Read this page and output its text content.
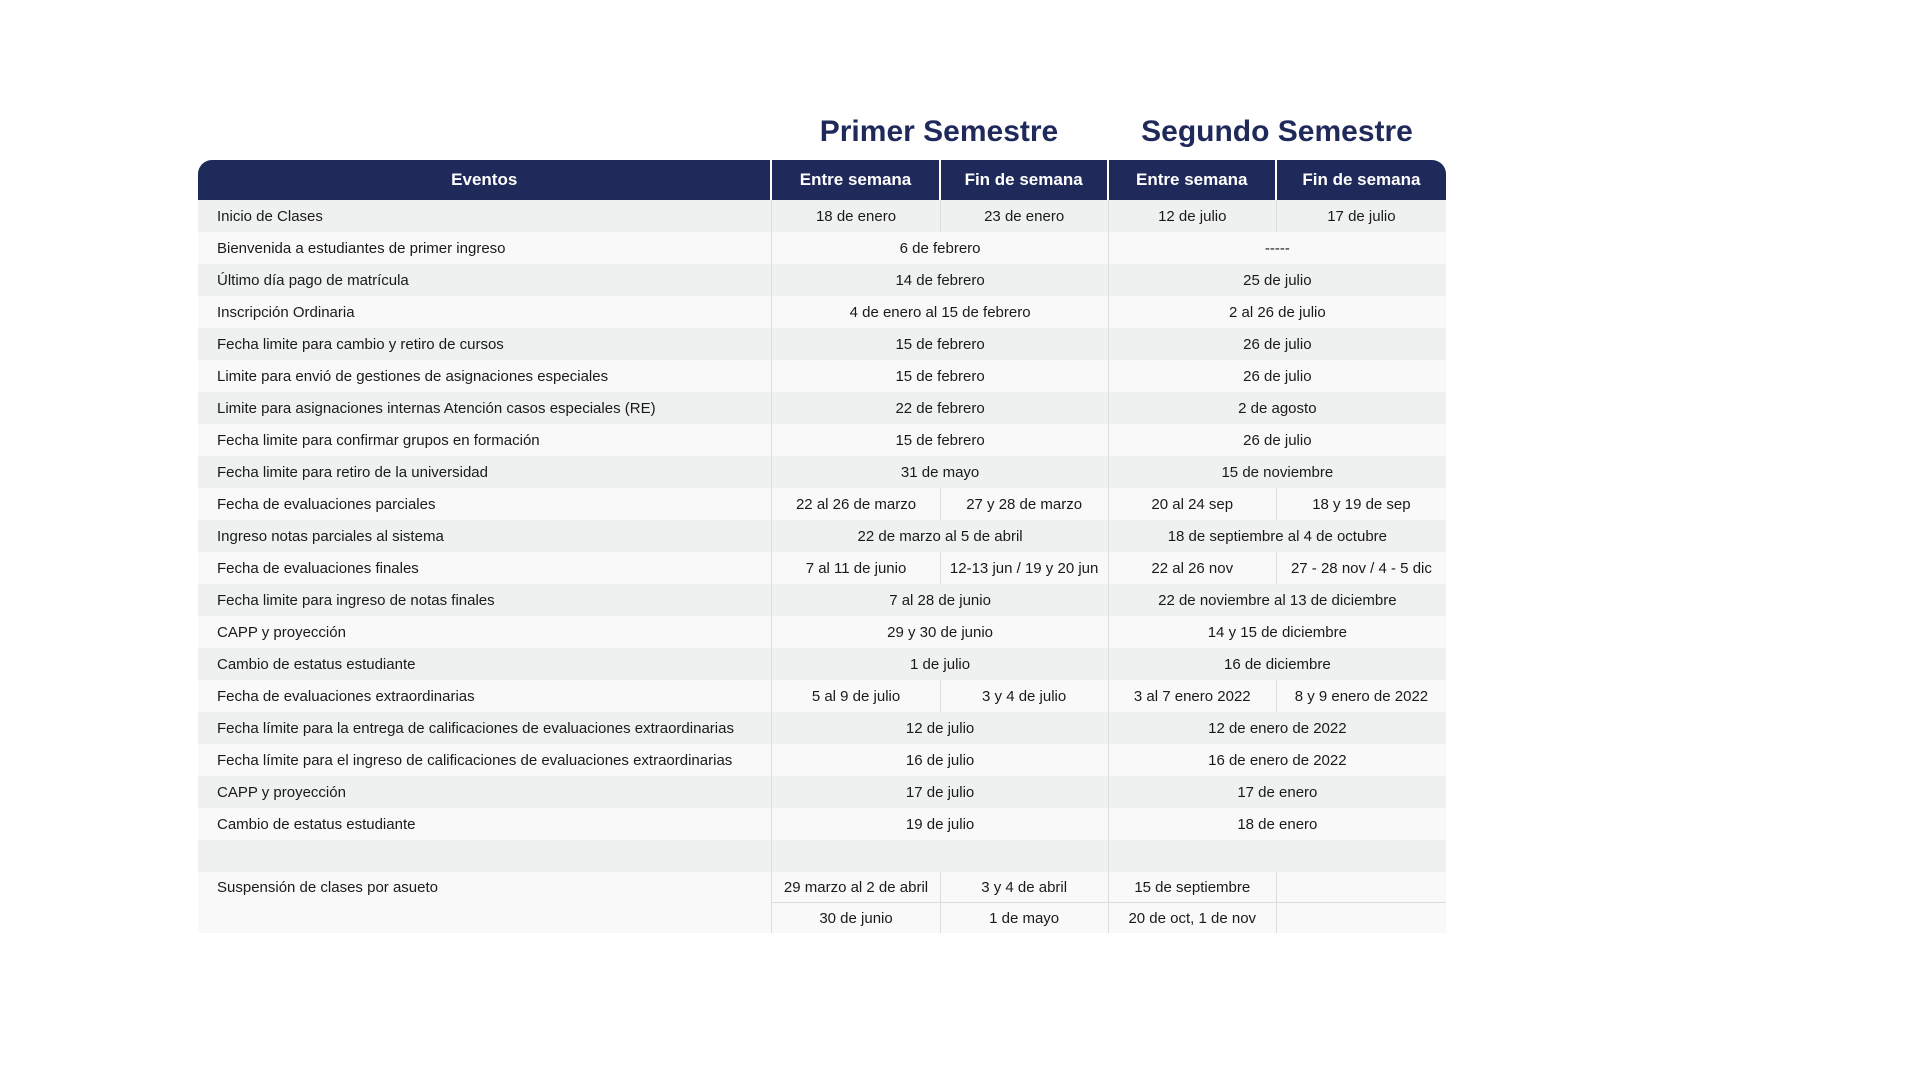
Primer Semestre	Segundo Semestre
Eventos	Entre semana	Fin de semana	Entre semana	Fin de semana
Inicio de Clases	18 de enero	23 de enero	12 de julio	17 de julio
Bienvenida a estudiantes de primer ingreso	6 de febrero		-----	
Último día pago de matrícula	14 de febrero		25 de julio	
Inscripción Ordinaria	4 de enero al 15 de febrero		2 al 26 de julio	
Fecha limite para cambio y retiro de cursos	15 de febrero		26 de julio	
Limite para envió de gestiones de asignaciones especiales	15 de febrero		26 de julio	
Limite para asignaciones internas Atención casos especiales (RE)	22 de febrero		2 de agosto	
Fecha limite para confirmar grupos en formación	15 de febrero		26 de julio	
Fecha limite para retiro de la universidad	31 de mayo		15 de noviembre	
Fecha de evaluaciones parciales	22 al 26 de marzo	27 y 28 de marzo	20 al 24 sep	18 y 19 de sep
Ingreso notas parciales al sistema	22 de marzo al 5 de abril		18 de septiembre al 4 de octubre	
Fecha de evaluaciones finales	7 al 11 de junio	12-13 jun / 19 y 20 jun	22 al 26 nov	27 - 28 nov / 4 - 5 dic
Fecha limite para ingreso de notas finales	7 al 28 de junio		22 de noviembre al 13 de diciembre	
CAPP y proyección	29 y 30 de junio		14 y 15 de diciembre	
Cambio de estatus estudiante	1 de julio		16 de diciembre	
Fecha de evaluaciones extraordinarias	5 al 9 de julio	3 y 4 de julio	3 al 7 enero 2022	8 y 9 enero de 2022
Fecha límite para la entrega de calificaciones de evaluaciones extraordinarias	12 de julio		12 de enero de 2022	
Fecha límite para el ingreso de calificaciones de evaluaciones extraordinarias	16 de julio		16 de enero de 2022	
CAPP y proyección	17 de julio		17 de enero	
Cambio de estatus estudiante	19 de julio		18 de enero	

Suspensión de clases por asueto	29 marzo al 2 de abril	3 y 4 de abril	15 de septiembre	
	30 de junio	1 de mayo	20 de oct, 1 de nov	
